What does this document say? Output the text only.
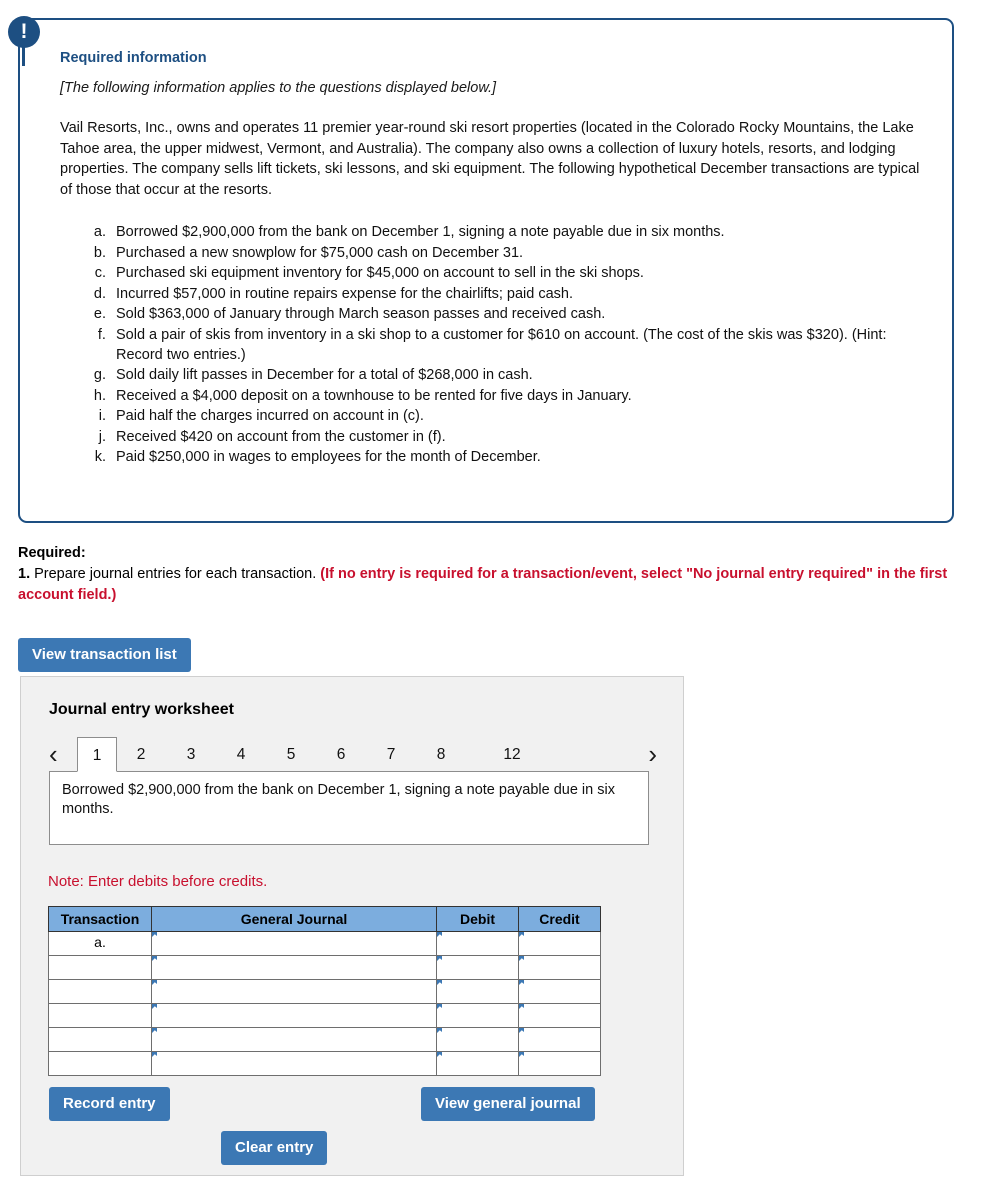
Required information
[The following information applies to the questions displayed below.]

Vail Resorts, Inc., owns and operates 11 premier year-round ski resort properties (located in the Colorado Rocky Mountains, the Lake Tahoe area, the upper midwest, Vermont, and Australia). The company also owns a collection of luxury hotels, resorts, and lodging properties. The company sells lift tickets, ski lessons, and ski equipment. The following hypothetical December transactions are typical of those that occur at the resorts.

a. Borrowed $2,900,000 from the bank on December 1, signing a note payable due in six months.
b. Purchased a new snowplow for $75,000 cash on December 31.
c. Purchased ski equipment inventory for $45,000 on account to sell in the ski shops.
d. Incurred $57,000 in routine repairs expense for the chairlifts; paid cash.
e. Sold $363,000 of January through March season passes and received cash.
f. Sold a pair of skis from inventory in a ski shop to a customer for $610 on account. (The cost of the skis was $320). (Hint: Record two entries.)
g. Sold daily lift passes in December for a total of $268,000 in cash.
h. Received a $4,000 deposit on a townhouse to be rented for five days in January.
i. Paid half the charges incurred on account in (c).
j. Received $420 on account from the customer in (f).
k. Paid $250,000 in wages to employees for the month of December.
!
Required:
1. Prepare journal entries for each transaction. (If no entry is required for a transaction/event, select "No journal entry required" in the first account field.)
View transaction list
Journal entry worksheet
‹	1	2	3	4	5	6	7	8	12	›
Borrowed $2,900,000 from the bank on December 1, signing a note payable due in six months.
Note: Enter debits before credits.
Transaction	General Journal	Debit	Credit
a.	

Record entry	View general journal
Clear entry
